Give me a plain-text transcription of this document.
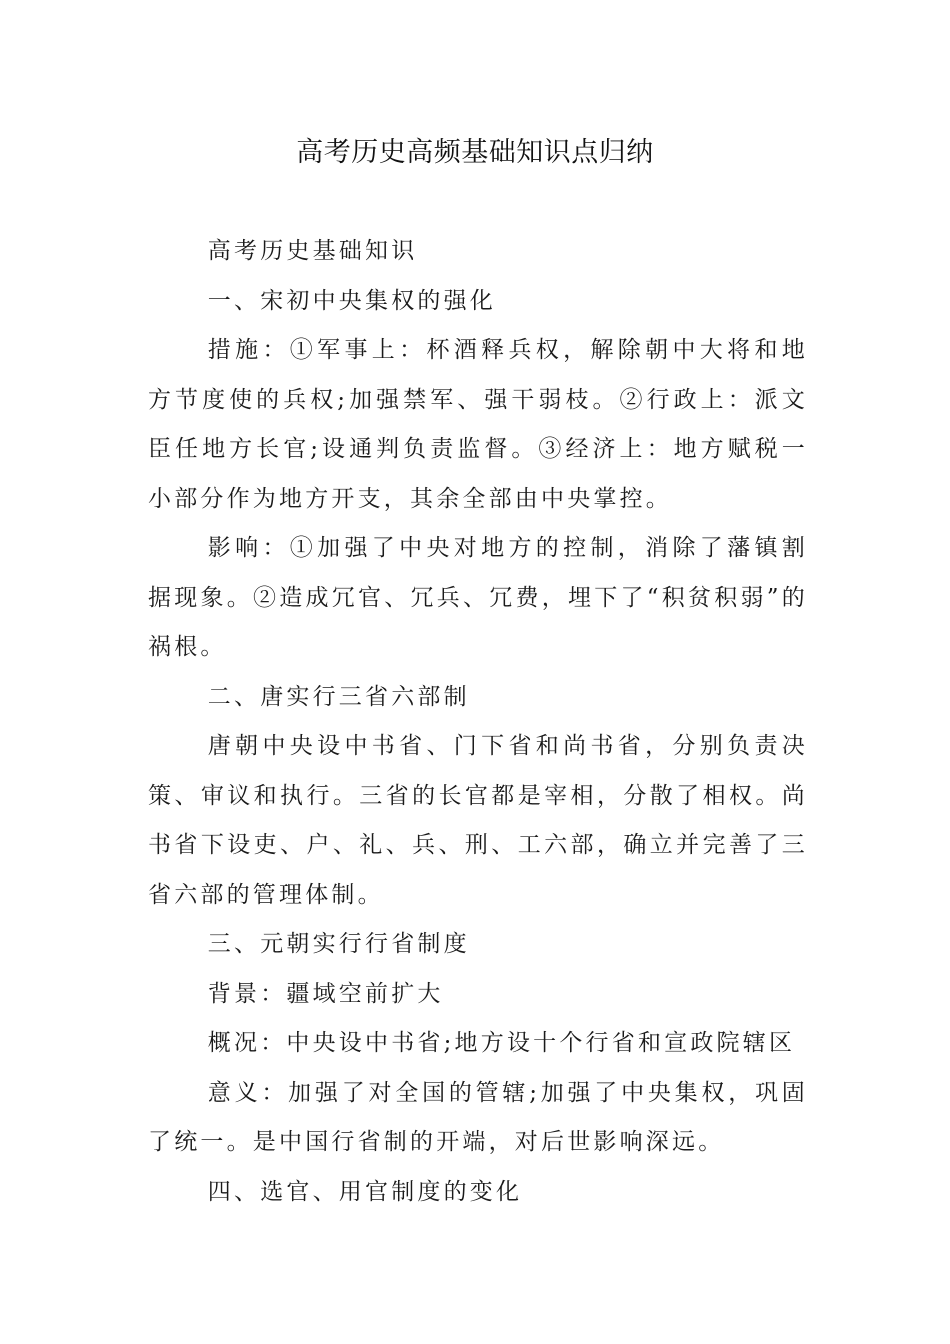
高考历史高频基础知识点归纳

高考历史基础知识

一、宋初中央集权的强化

措施：①军事上：杯酒释兵权，解除朝中大将和地方节度使的兵权;加强禁军、强干弱枝。②行政上：派文臣任地方长官;设通判负责监督。③经济上：地方赋税一小部分作为地方开支，其余全部由中央掌控。

影响：①加强了中央对地方的控制，消除了藩镇割据现象。②造成冗官、冗兵、冗费，埋下了“积贫积弱”的祸根。

二、唐实行三省六部制

唐朝中央设中书省、门下省和尚书省，分别负责决策、审议和执行。三省的长官都是宰相，分散了相权。尚书省下设吏、户、礼、兵、刑、工六部，确立并完善了三省六部的管理体制。

三、元朝实行行省制度

背景：疆域空前扩大

概况：中央设中书省;地方设十个行省和宣政院辖区

意义：加强了对全国的管辖;加强了中央集权，巩固了统一。是中国行省制的开端，对后世影响深远。

四、选官、用官制度的变化
